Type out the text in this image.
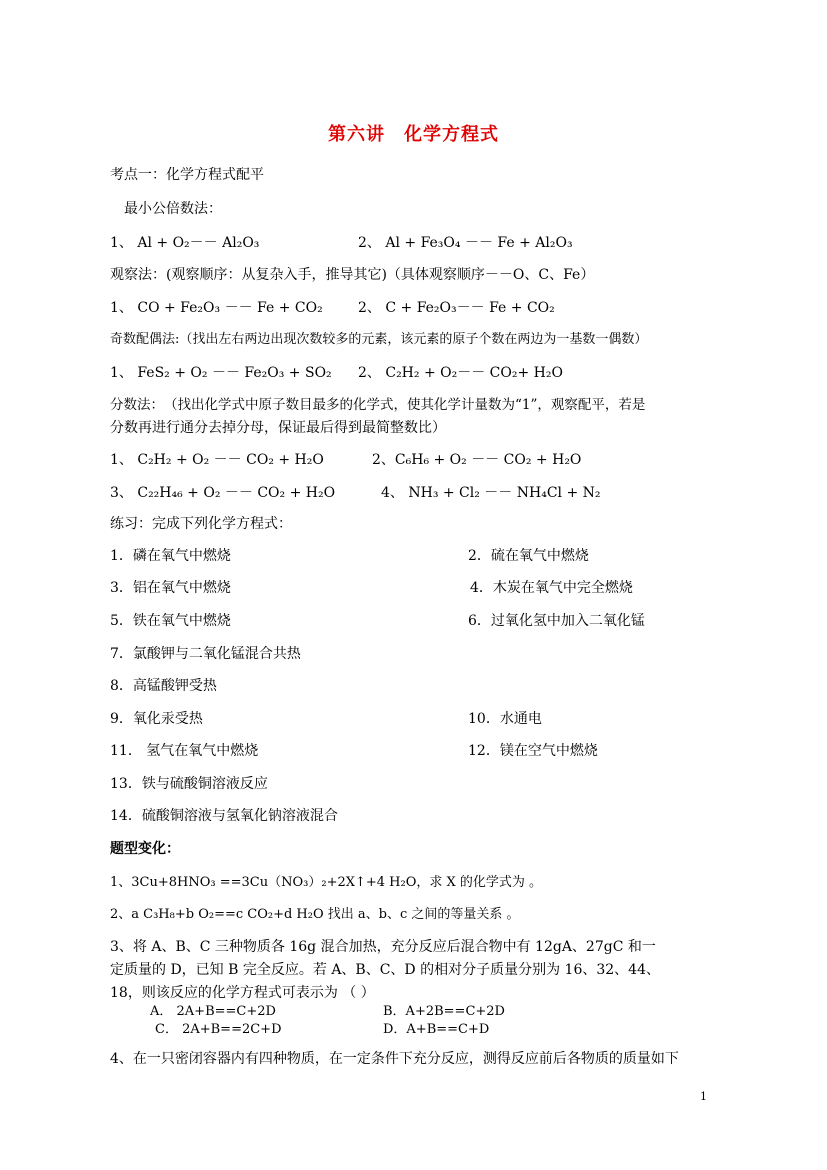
第六讲　化学方程式
考点一：化学方程式配平
最小公倍数法：
1、 Al + O₂－－ Al₂O₃	2、 Al + Fe₃O₄ －－ Fe + Al₂O₃
观察法：(观察顺序：从复杂入手，推导其它)（具体观察顺序－－O、C、Fe）
1、 CO + Fe₂O₃ －－ Fe + CO₂	2、 C + Fe₂O₃－－ Fe + CO₂
奇数配偶法:（找出左右两边出现次数较多的元素，该元素的原子个数在两边为一基数一偶数）
1、 FeS₂ + O₂ －－ Fe₂O₃ + SO₂ 2、 C₂H₂ + O₂－－ CO₂+ H₂O
分数法：　（找出化学式中原子数目最多的化学式，使其化学计量数为“1”，观察配平，若是
分数再进行通分去掉分母，保证最后得到最简整数比）
1、 C₂H₂ + O₂ －－ CO₂ + H₂O	2、C₆H₆ + O₂ －－ CO₂ + H₂O
3、 C₂₂H₄₆ + O₂ －－ CO₂ + H₂O	4、 NH₃ + Cl₂ －－ NH₄Cl + N₂
练习：完成下列化学方程式：
1．磷在氧气中燃烧	2．硫在氧气中燃烧
3．铝在氧气中燃烧	4．木炭在氧气中完全燃烧
5．铁在氧气中燃烧	6．过氧化氢中加入二氧化锰
7．氯酸钾与二氧化锰混合共热
8．高锰酸钾受热
9．氧化汞受热	10．水通电
11． 氢气在氧气中燃烧	12．镁在空气中燃烧
13．铁与硫酸铜溶液反应
14．硫酸铜溶液与氢氧化钠溶液混合
题型变化：
1、3Cu+8HNO₃ ==3Cu（NO₃）₂+2X↑+4 H₂O，求 X 的化学式为 。
2、a C₃H₈+b O₂==c CO₂+d H₂O 找出 a、b、c 之间的等量关系 。
3、将 A、B、C 三种物质各 16g 混合加热，充分反应后混合物中有 12gA、27gC 和一
定质量的 D，已知 B 完全反应。若 A、B、C、D 的相对分子质量分别为 16、32、44、
18，则该反应的化学方程式可表示为 （ ）
A． 2A+B==C+2D	B．A+2B==C+2D
C． 2A+B==2C+D	D．A+B==C+D
4、在一只密闭容器内有四种物质，在一定条件下充分反应，测得反应前后各物质的质量如下
1
